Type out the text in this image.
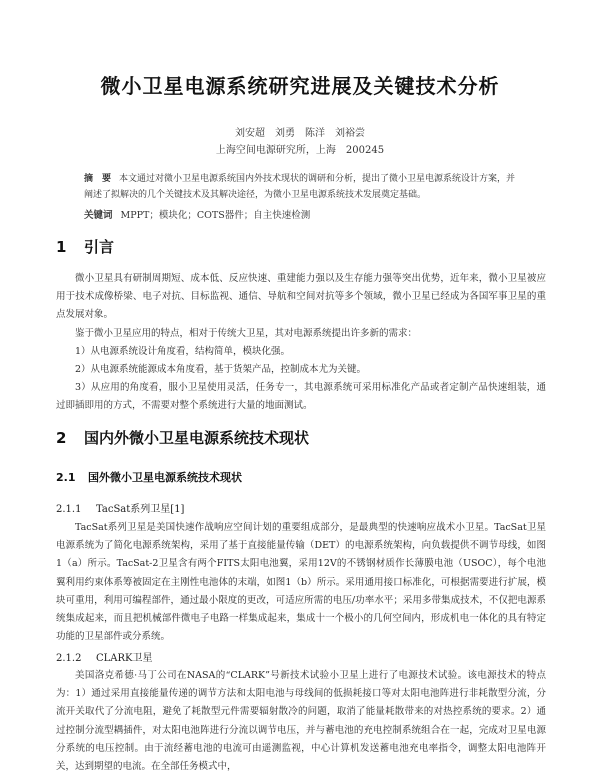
微小卫星电源系统研究进展及关键技术分析
刘安超　刘勇　陈洋　刘裕尝
上海空间电源研究所，上海　200245
摘　要 本文通过对微小卫星电源系统国内外技术现状的调研和分析，提出了微小卫星电源系统设计方案，并阐述了拟解决的几个关键技术及其解决途径，为微小卫星电源系统技术发展奠定基础。
关键词 MPPT；模块化；COTS器件；自主快速检测
1 引言
微小卫星具有研制周期短、成本低、反应快速、重建能力强以及生存能力强等突出优势，近年来，微小卫星被应用于技术成像桥梁、电子对抗、目标监视、通信、导航和空间对抗等多个领域，微小卫星已经成为各国军事卫星的重点发展对象。
鉴于微小卫星应用的特点，相对于传统大卫星，其对电源系统提出许多新的需求：
1）从电源系统设计角度看，结构简单，模块化强。
2）从电源系统能源成本角度看，基于货架产品，控制成本尤为关键。
3）从应用的角度看，服小卫星使用灵活，任务专一，其电源系统可采用标准化产品或者定制产品快速组装，通过即插即用的方式，不需要对整个系统进行大量的地面测试。
2 国内外微小卫星电源系统技术现状
2.1 国外微小卫星电源系统技术现状
2.1.1 TacSat系列卫星[1]
TacSat系列卫星是美国快速作战响应空间计划的重要组成部分，是最典型的快速响应战术小卫星。TacSat卫星电源系统为了简化电源系统架构，采用了基于直接能量传输（DET）的电源系统架构，向负载提供不调节母线，如图1（a）所示。TacSat-2卫星含有两个FITS太阳电池翼，采用12V的不锈钢材质作长薄膜电池（USOC），每个电池翼利用约束体系筹被固定在主刚性电池体的末端，如图1（b）所示。采用通用接口标准化，可根据需要进行扩展，模块可重用，利用可编程部件，通过最小限度的更改，可适应所需的电压/功率水平；采用多带集成技术，不仅把电源系统集成起来，而且把机械部件微电子电路一样集成起来，集成十一个极小的几何空间内，形成机电一体化的具有特定功能的卫星部件或分系统。
2.1.2 CLARK卫星
美国洛克希德·马丁公司在NASA的“CLARK”号新技术试验小卫星上进行了电源技术试验。该电源技术的特点为：1）通过采用直接能量传递的调节方法和太阳电池与母线间的低损耗接口等对太阳电池阵进行非耗散型分流，分流开关取代了分流电阻，避免了耗散型元件需要辐射散冷的问题，取消了能量耗散带来的对热控系统的要求。2）通过控制分流型耦插件，对太阳电池阵进行分流以调节电压，并与蓄电池的充电控制系统组合在一起，完成对卫星电源分系统的电压控制。由于流经蓄电池的电流可由遥测监视，中心计算机发送蓄电池充电率指令，调整太阳电池阵开关，达到期望的电流。在全部任务模式中，
